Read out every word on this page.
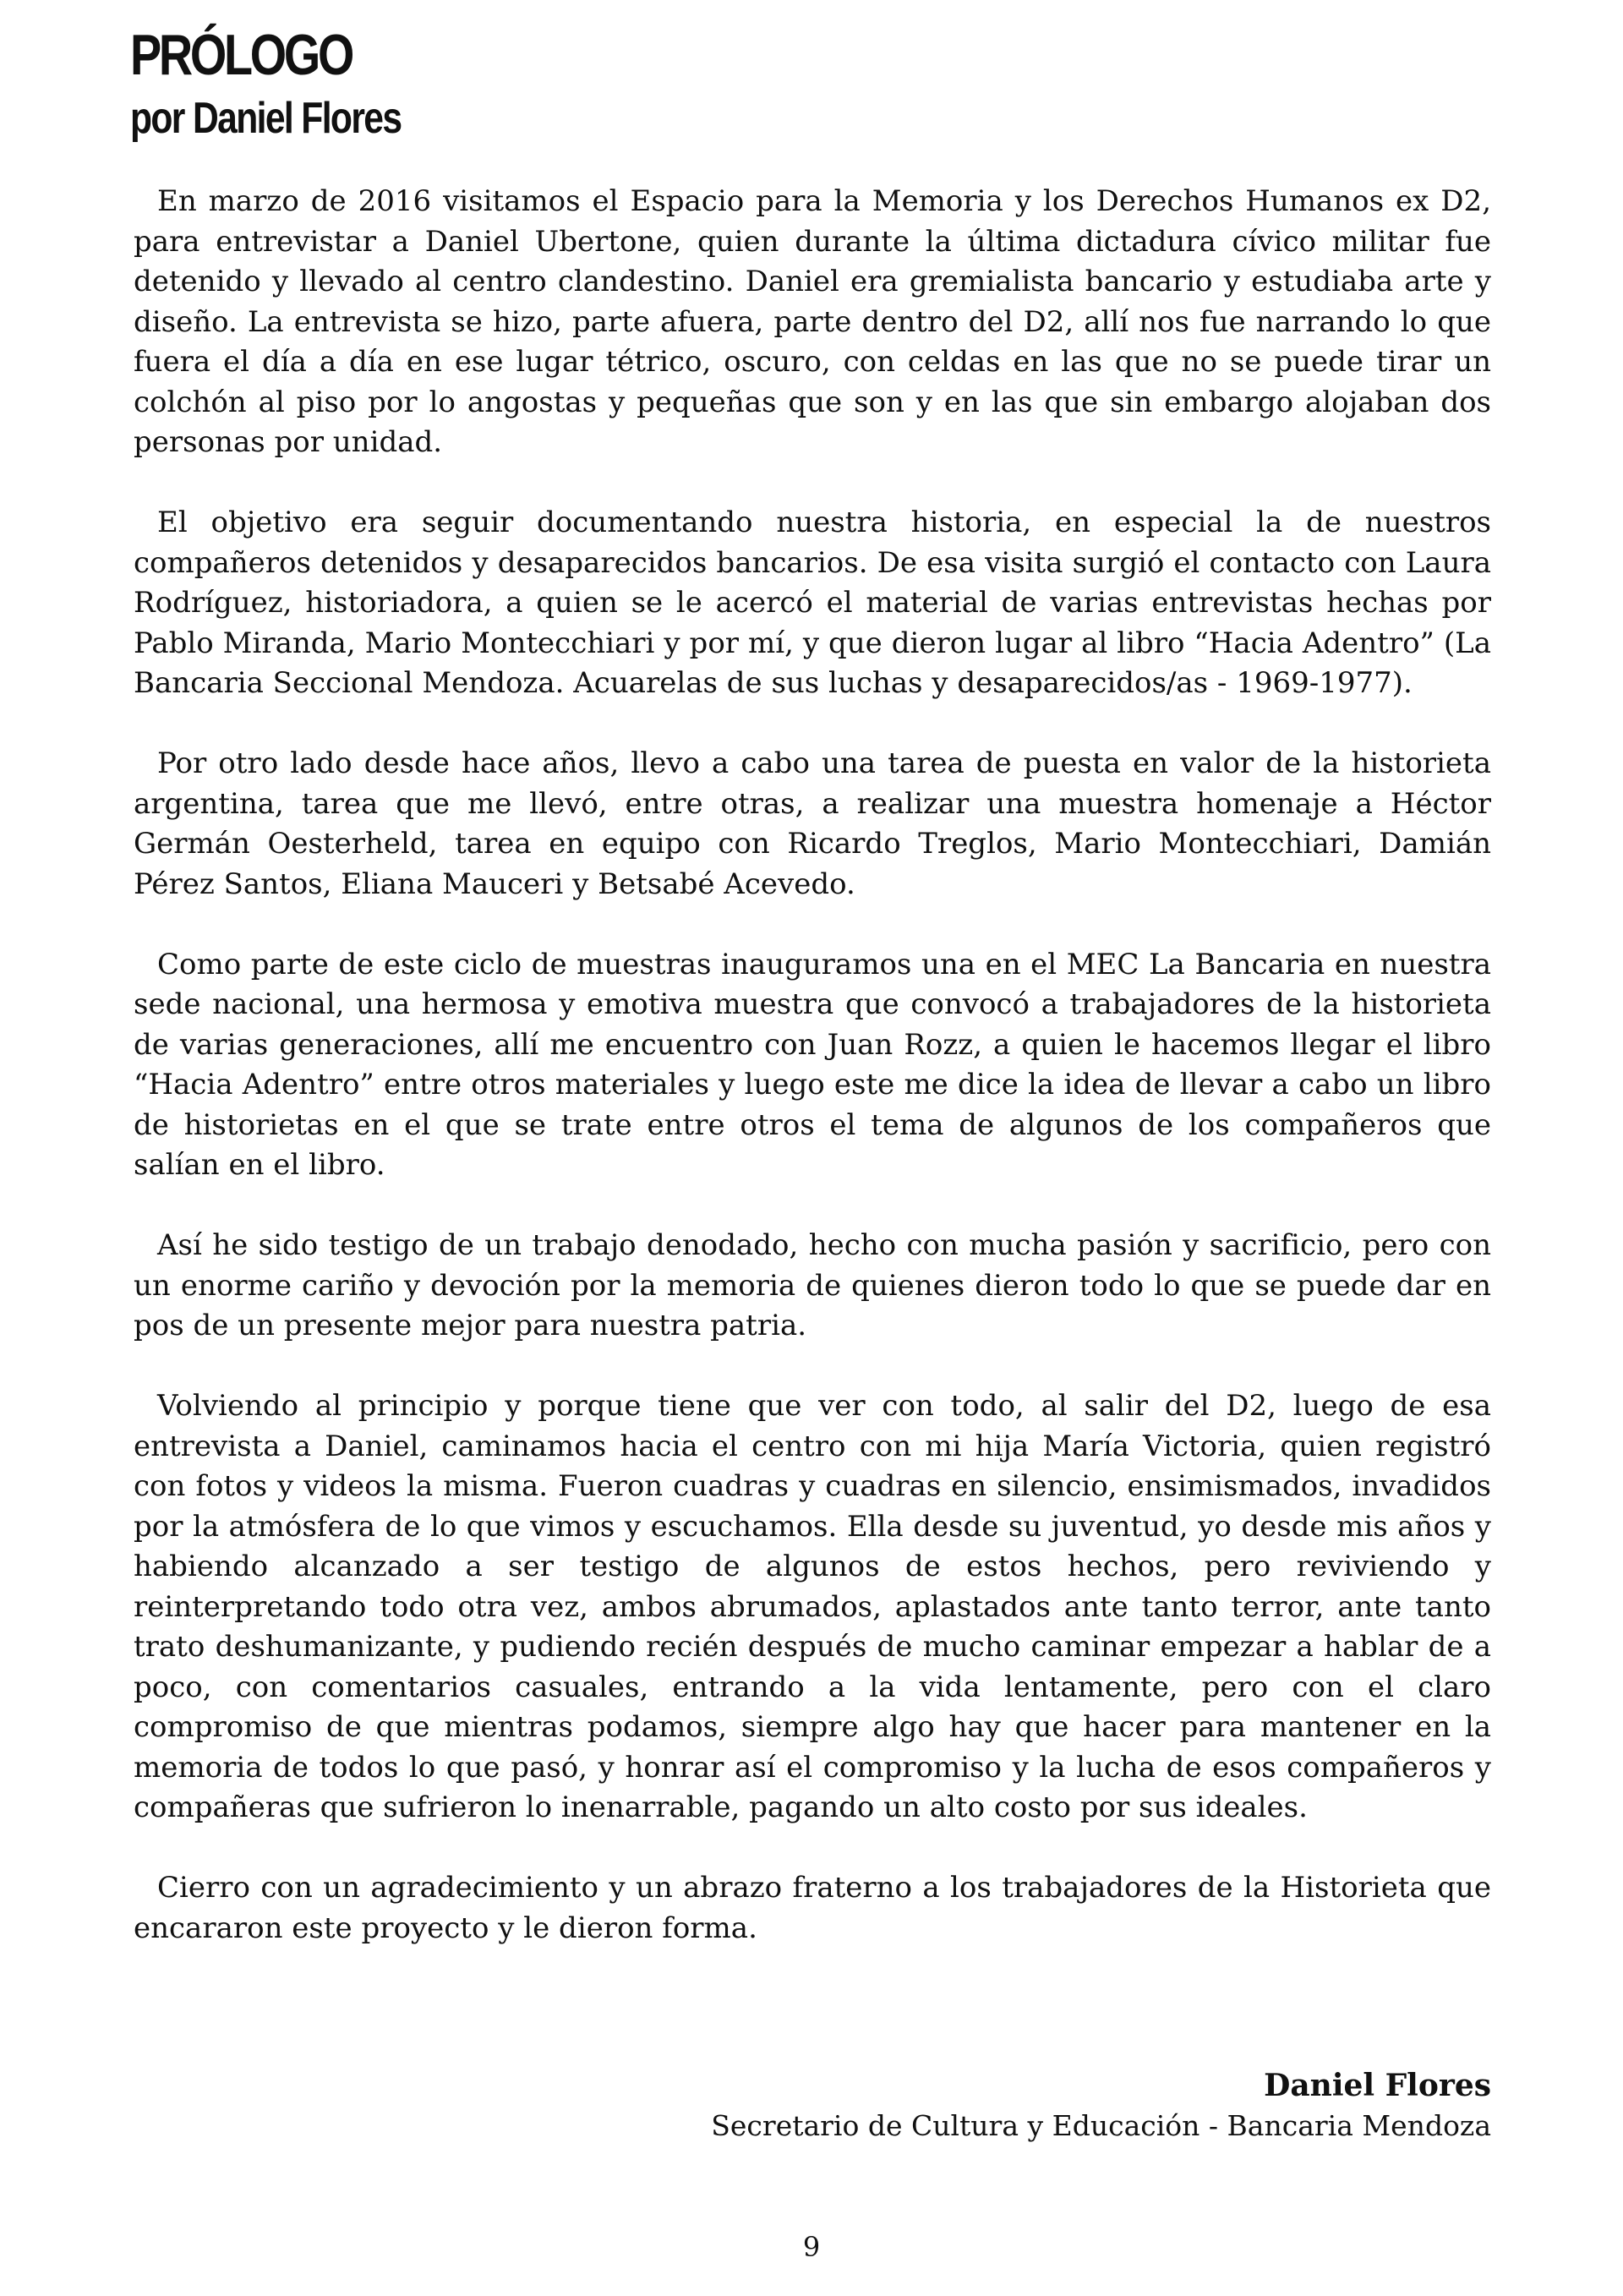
PRÓLOGO
por Daniel Flores

En marzo de 2016 visitamos el Espacio para la Memoria y los Derechos Humanos ex D2, para entrevistar a Daniel Ubertone, quien durante la última dictadura cívico militar fue detenido y llevado al centro clandestino. Daniel era gremialista bancario y estudiaba arte y diseño. La entrevista se hizo, parte afuera, parte dentro del D2, allí nos fue narrando lo que fuera el día a día en ese lugar tétrico, oscuro, con celdas en las que no se puede tirar un colchón al piso por lo angostas y pequeñas que son y en las que sin embargo alojaban dos personas por unidad.

El objetivo era seguir documentando nuestra historia, en especial la de nuestros compañeros detenidos y desaparecidos bancarios. De esa visita surgió el contacto con Laura Rodríguez, historiadora, a quien se le acercó el material de varias entrevistas hechas por Pablo Miranda, Mario Montecchiari y por mí, y que dieron lugar al libro “Hacia Adentro” (La Bancaria Seccional Mendoza. Acuarelas de sus luchas y desaparecidos/as - 1969-1977).

Por otro lado desde hace años, llevo a cabo una tarea de puesta en valor de la historieta argentina, tarea que me llevó, entre otras, a realizar una muestra homenaje a Héctor Germán Oesterheld, tarea en equipo con Ricardo Treglos, Mario Montecchiari, Damián Pérez Santos, Eliana Mauceri y Betsabé Acevedo.

Como parte de este ciclo de muestras inauguramos una en el MEC La Bancaria en nuestra sede nacional, una hermosa y emotiva muestra que convocó a trabajadores de la historieta de varias generaciones, allí me encuentro con Juan Rozz, a quien le hacemos llegar el libro “Hacia Adentro” entre otros materiales y luego este me dice la idea de llevar a cabo un libro de historietas en el que se trate entre otros el tema de algunos de los compañeros que salían en el libro.

Así he sido testigo de un trabajo denodado, hecho con mucha pasión y sacrificio, pero con un enorme cariño y devoción por la memoria de quienes dieron todo lo que se puede dar en pos de un presente mejor para nuestra patria.

Volviendo al principio y porque tiene que ver con todo, al salir del D2, luego de esa entrevista a Daniel, caminamos hacia el centro con mi hija María Victoria, quien registró con fotos y videos la misma. Fueron cuadras y cuadras en silencio, ensimismados, invadidos por la atmósfera de lo que vimos y escuchamos. Ella desde su juventud, yo desde mis años y habiendo alcanzado a ser testigo de algunos de estos hechos, pero reviviendo y reinterpretando todo otra vez, ambos abrumados, aplastados ante tanto terror, ante tanto trato deshumanizante, y pudiendo recién después de mucho caminar empezar a hablar de a poco, con comentarios casuales, entrando a la vida lentamente, pero con el claro compromiso de que mientras podamos, siempre algo hay que hacer para mantener en la memoria de todos lo que pasó, y honrar así el compromiso y la lucha de esos compañeros y compañeras que sufrieron lo inenarrable, pagando un alto costo por sus ideales.

Cierro con un agradecimiento y un abrazo fraterno a los trabajadores de la Historieta que encararon este proyecto y le dieron forma.

Daniel Flores
Secretario de Cultura y Educación - Bancaria Mendoza
9
